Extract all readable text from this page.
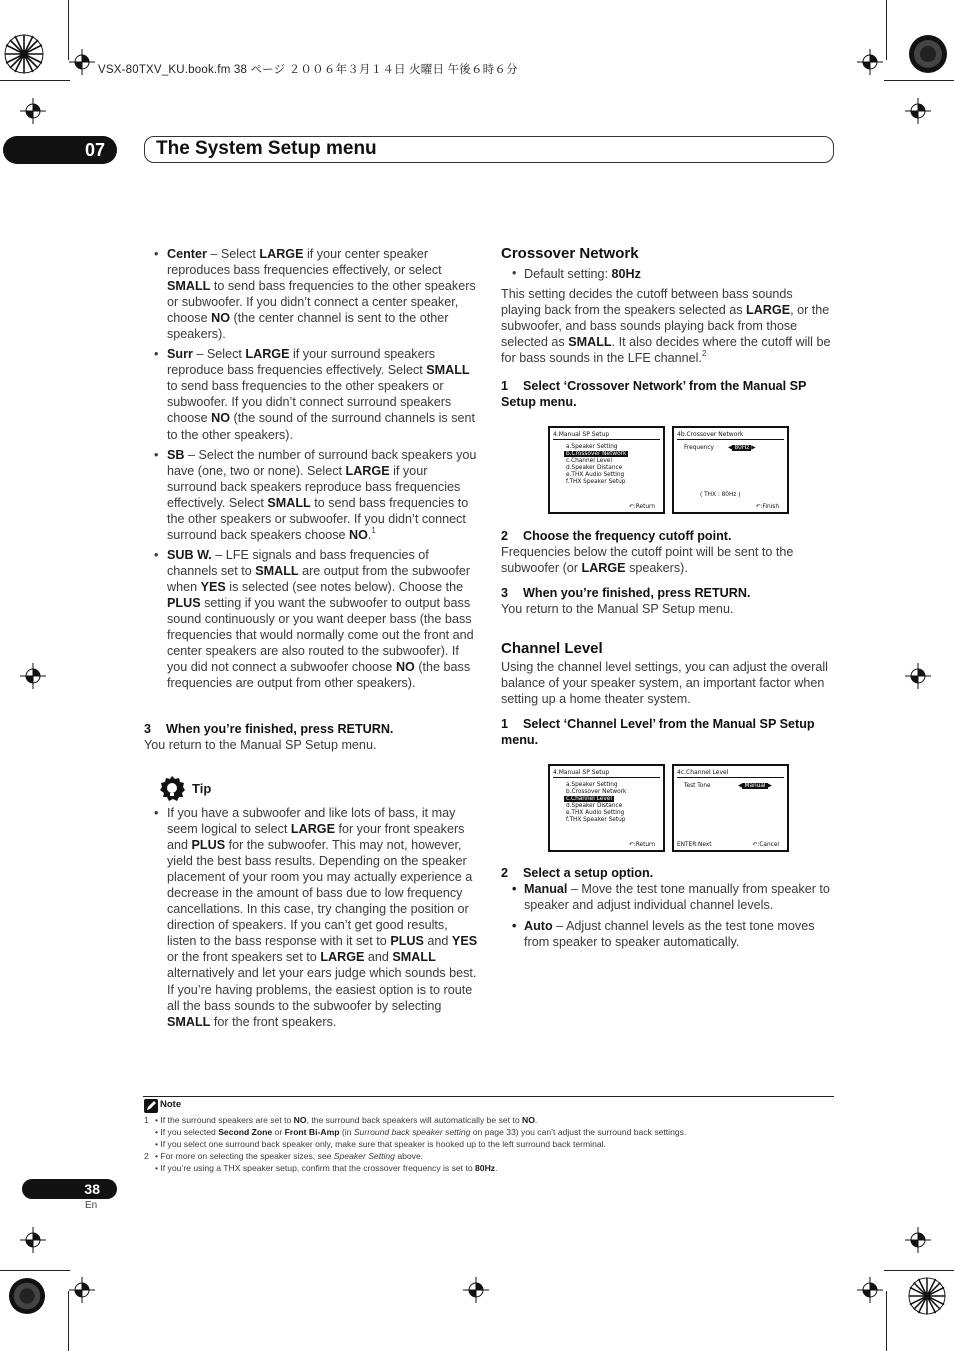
VSX-80TXV_KU.book.fm 38 ページ ２００６年３月１４日 火曜日 午後６時６分
07	The System Setup menu
• Center – Select LARGE if your center speaker reproduces bass frequencies effectively, or select SMALL to send bass frequencies to the other speakers or subwoofer. If you didn’t connect a center speaker, choose NO (the center channel is sent to the other speakers).
• Surr – Select LARGE if your surround speakers reproduce bass frequencies effectively. Select SMALL to send bass frequencies to the other speakers or subwoofer. If you didn’t connect surround speakers choose NO (the sound of the surround channels is sent to the other speakers).
• SB – Select the number of surround back speakers you have (one, two or none). Select LARGE if your surround back speakers reproduce bass frequencies effectively. Select SMALL to send bass frequencies to the other speakers or subwoofer. If you didn’t connect surround back speakers choose NO.$^1$
• SUB W. – LFE signals and bass frequencies of channels set to SMALL are output from the subwoofer when YES is selected (see notes below). Choose the PLUS setting if you want the subwoofer to output bass sound continuously or you want deeper bass (the bass frequencies that would normally come out the front and center speakers are also routed to the subwoofer). If you did not connect a subwoofer choose NO (the bass frequencies are output from other speakers).
3 When you’re finished, press RETURN.
You return to the Manual SP Setup menu.
Tip
• If you have a subwoofer and like lots of bass, it may seem logical to select LARGE for your front speakers and PLUS for the subwoofer. This may not, however, yield the best bass results. Depending on the speaker placement of your room you may actually experience a decrease in the amount of bass due to low frequency cancellations. In this case, try changing the position or direction of speakers. If you can’t get good results, listen to the bass response with it set to PLUS and YES or the front speakers set to LARGE and SMALL alternatively and let your ears judge which sounds best. If you’re having problems, the easiest option is to route all the bass sounds to the subwoofer by selecting SMALL for the front speakers.
Crossover Network
• Default setting: 80Hz
This setting decides the cutoff between bass sounds playing back from the speakers selected as LARGE, or the subwoofer, and bass sounds playing back from those selected as SMALL. It also decides where the cutoff will be for bass sounds in the LFE channel.$^2$
1 Select ‘Crossover Network’ from the Manual SP Setup menu.
4.Manual SP Setup
a.Speaker Setting
b.Crossover Network
c.Channel Level
d.Speaker Distance
e.THX Audio Setting
f.THX Speaker Setup
↶:Return
4b.Crossover Network
Frequency ◀ 80Hz ▶
( THX : 80Hz )
↶:Finish
2 Choose the frequency cutoff point.
Frequencies below the cutoff point will be sent to the subwoofer (or LARGE speakers).
3 When you’re finished, press RETURN.
You return to the Manual SP Setup menu.
Channel Level
Using the channel level settings, you can adjust the overall balance of your speaker system, an important factor when setting up a home theater system.
1 Select ‘Channel Level’ from the Manual SP Setup menu.
4.Manual SP Setup
a.Speaker Setting
b.Crossover Network
c.Channel Level
d.Speaker Distance
e.THX Audio Setting
f.THX Speaker Setup
↶:Return
4c.Channel Level
Test Tone	◀ Manual ▶
ENTER:Next	↶:Cancel
2 Select a setup option.
• Manual – Move the test tone manually from speaker to speaker and adjust individual channel levels.
• Auto – Adjust channel levels as the test tone moves from speaker to speaker automatically.
Note
1 • If the surround speakers are set to NO, the surround back speakers will automatically be set to NO.
• If you selected Second Zone or Front Bi-Amp (in Surround back speaker setting on page 33) you can’t adjust the surround back settings.
• If you select one surround back speaker only, make sure that speaker is hooked up to the left surround back terminal.
2 • For more on selecting the speaker sizes, see Speaker Setting above.
• If you’re using a THX speaker setup, confirm that the crossover frequency is set to 80Hz.
38
En
